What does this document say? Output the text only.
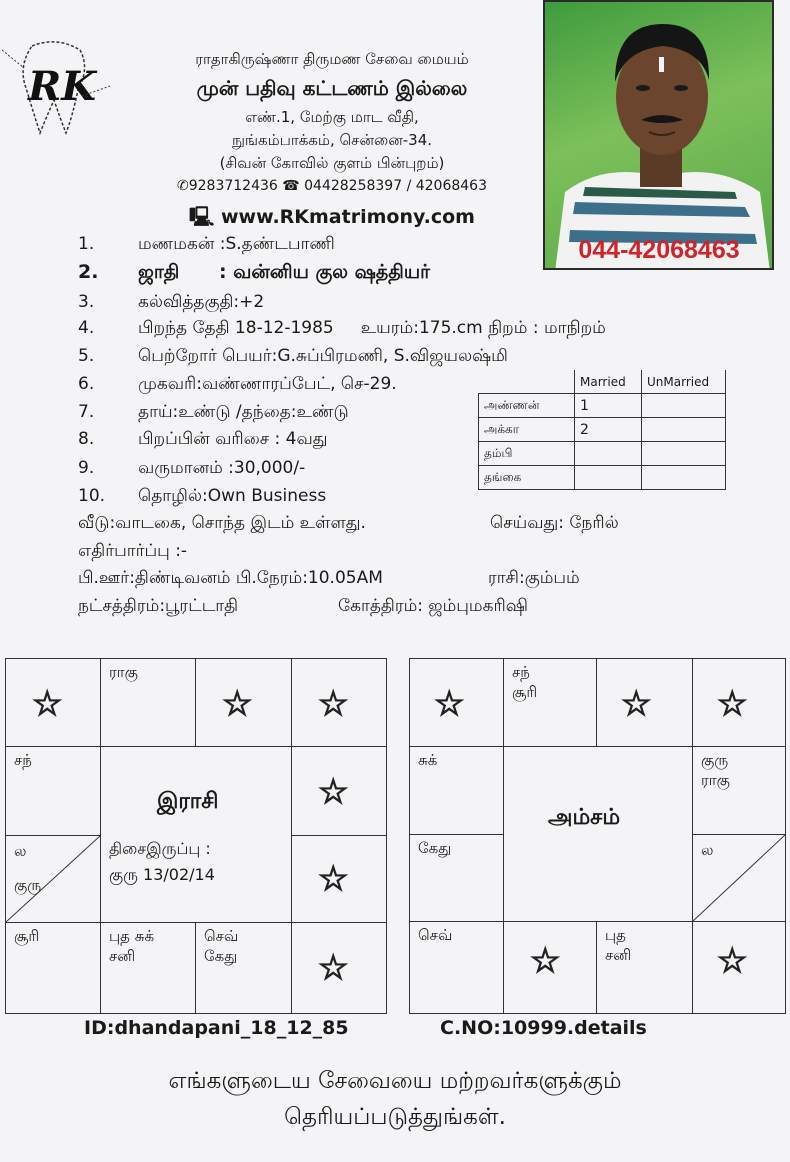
RK
ராதாகிருஷ்ணா திருமண சேவை மையம்
முன் பதிவு கட்டணம் இல்லை
எண்.1, மேற்கு மாட வீதி,
நுங்கம்பாக்கம், சென்னை-34.
(சிவன் கோவில் குளம் பின்புறம்)
✆9283712436 ☎ 04428258397 / 42068463
🖳 www.RKmatrimony.com
044-42068463
1.	மணமகன் :S.தண்டபாணி
2. ஜாதி      : வன்னிய குல ஷத்தியர்
3.	கல்வித்தகுதி:+2
4.	பிறந்த தேதி 18-12-1985     உயரம்:175.cm நிறம் : மாநிறம்
5.	பெற்றோர் பெயர்:G.சுப்பிரமணி, S.விஜயலஷ்மி
6.	முகவரி:வண்ணாரப்பேட், செ-29.
7.	தாய்:உண்டு /தந்தை:உண்டு
8.	பிறப்பின் வரிசை : 4வது
9.	வருமானம் :30,000/-
10. தொழில்:Own Business
	Married	UnMarried
அண்ணன்	1	
அக்கா	2	
தம்பி		
தங்கை		
வீடு:வாடகை, சொந்த இடம் உள்ளது.	செய்வது: நேரில்
எதிர்பார்ப்பு :-
பி.ஊர்:திண்டிவனம் பி.நேரம்:10.05AM	ராசி:கும்பம்
நட்சத்திரம்:பூரட்டாதி	கோத்திரம்: ஜம்புமகரிஷி
☆
ராகு
☆ ☆
சந்
☆
இராசி
திசைஇருப்பு :
குரு 13/02/14
ல
குரு	☆
சூரி	புத சுக்
சனி
செவ்
கேது	☆
☆
சந்
சூரி	☆ ☆
சுக்	குரு
ராகு
அம்சம்
கேது	ல
செவ்
☆
புத
சனி	☆
ID:dhandapani_18_12_85	C.NO:10999.details
எங்களுடைய சேவையை மற்றவர்களுக்கும்
தெரியப்படுத்துங்கள்.
